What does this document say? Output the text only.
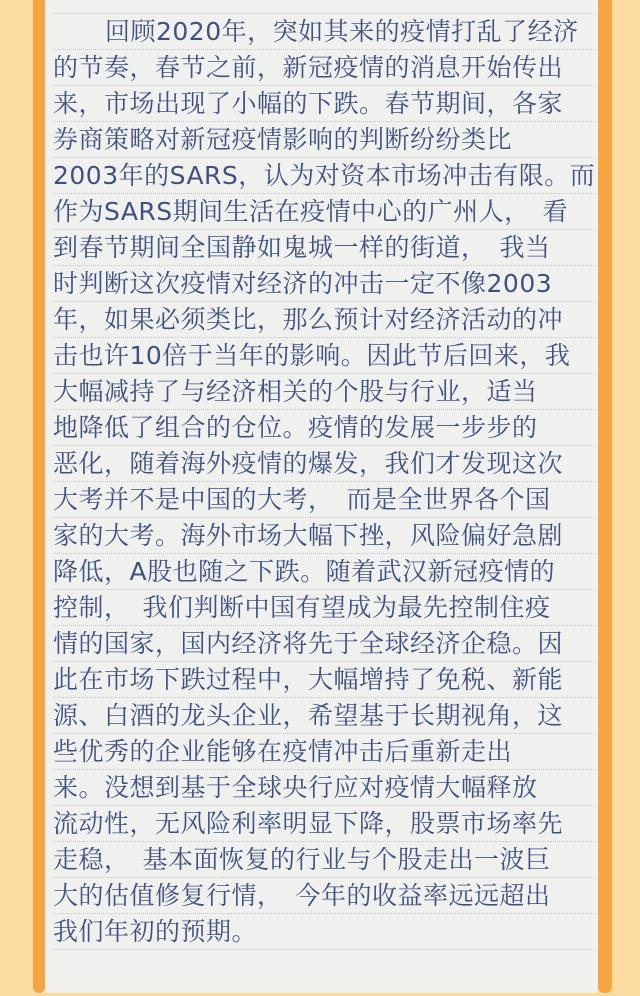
回顾2020年，突如其来的疫情打乱了经济
的节奏，春节之前，新冠疫情的消息开始传出
来，市场出现了小幅的下跌。春节期间，各家
券商策略对新冠疫情影响的判断纷纷类比
2003年的SARS，认为对资本市场冲击有限。而
作为SARS期间生活在疫情中心的广州人，　看
到春节期间全国静如鬼城一样的街道，　我当
时判断这次疫情对经济的冲击一定不像2003
年，如果必须类比，那么预计对经济活动的冲
击也许10倍于当年的影响。因此节后回来，我
大幅减持了与经济相关的个股与行业，适当
地降低了组合的仓位。疫情的发展一步步的
恶化，随着海外疫情的爆发，我们才发现这次
大考并不是中国的大考，　而是全世界各个国
家的大考。海外市场大幅下挫，风险偏好急剧
降低，A股也随之下跌。随着武汉新冠疫情的
控制，　我们判断中国有望成为最先控制住疫
情的国家，国内经济将先于全球经济企稳。因
此在市场下跌过程中，大幅增持了免税、新能
源、白酒的龙头企业，希望基于长期视角，这
些优秀的企业能够在疫情冲击后重新走出
来。没想到基于全球央行应对疫情大幅释放
流动性，无风险利率明显下降，股票市场率先
走稳，　基本面恢复的行业与个股走出一波巨
大的估值修复行情，　今年的收益率远远超出
我们年初的预期。
